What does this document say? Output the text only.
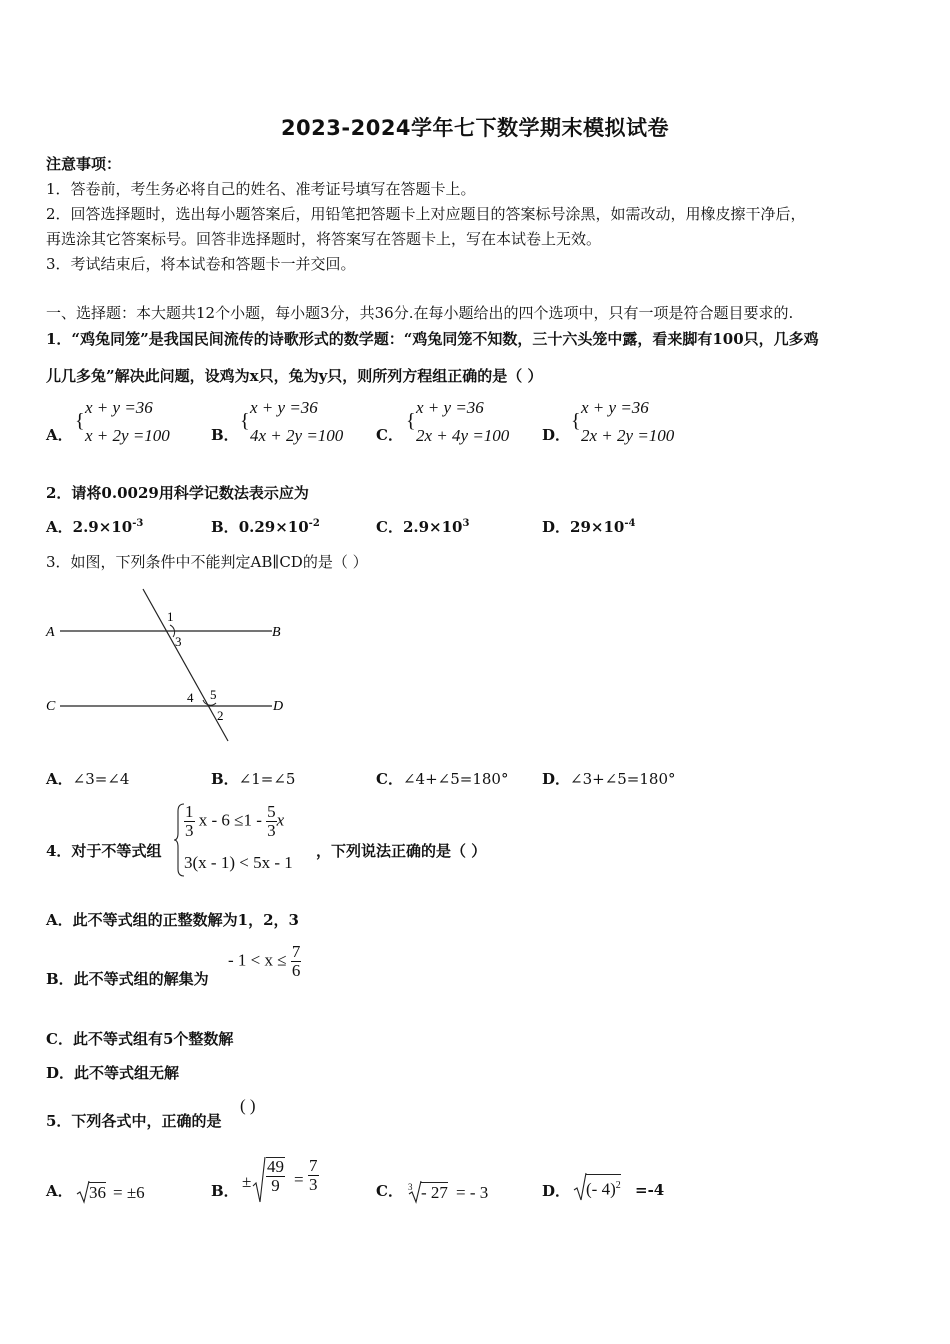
2023-2024学年七下数学期末模拟试卷
注意事项：
1．答卷前，考生务必将自己的姓名、准考证号填写在答题卡上。
2．回答选择题时，选出每小题答案后，用铅笔把答题卡上对应题目的答案标号涂黑，如需改动，用橡皮擦干净后，
再选涂其它答案标号。回答非选择题时，将答案写在答题卡上，写在本试卷上无效。
3．考试结束后，将本试卷和答题卡一并交回。
一、选择题：本大题共12个小题，每小题3分，共36分.在每小题给出的四个选项中，只有一项是符合题目要求的.
1．“鸡兔同笼”是我国民间流传的诗歌形式的数学题：“鸡兔同笼不知数，三十六头笼中露，看来脚有100只，几多鸡
儿几多兔”解决此问题，设鸡为x只，兔为y只，则所列方程组正确的是（ ）
A．
{
x + y =36
x + 2y =100	B．
{
x + y =36
4x + 2y =100 C．
{
x + y =36
2x + 4y =100 D．
{
x + y =36
2x + 2y =100
2．请将0.0029用科学记数法表示应为
A．$2.9\times 10^{-3}$	B．$0.29\times 10^{-2}$	C．$2.9\times 10^3$	D．$29\times 10^{-4}$
3．如图，下列条件中不能判定AB∥CD的是（ ）
A	B
C	D
1
3
4 5
2
A．∠3=∠4	B．∠1=∠5	C．∠4+∠5=180° D．∠3+∠5=180°
4．对于不等式组
$\frac{1}{3}$ $x - 6 \le 1 - \frac{5}{3}$ x
3(x - 1) < 5x - 1
，下列说法正确的是（ ）
A．此不等式组的正整数解为1，2，3
B．此不等式组的解集为
- $1 < x \le \frac{7}{6}$
C．此不等式组有5个整数解
D．此不等式组无解
5．下列各式中，正确的是
( )
A． 36 = ±6	B． ± $\frac{49}{9} = \frac{7}{3}$	C． 3 - 27 = - 3	D． (- 4)$^2$ =-4
